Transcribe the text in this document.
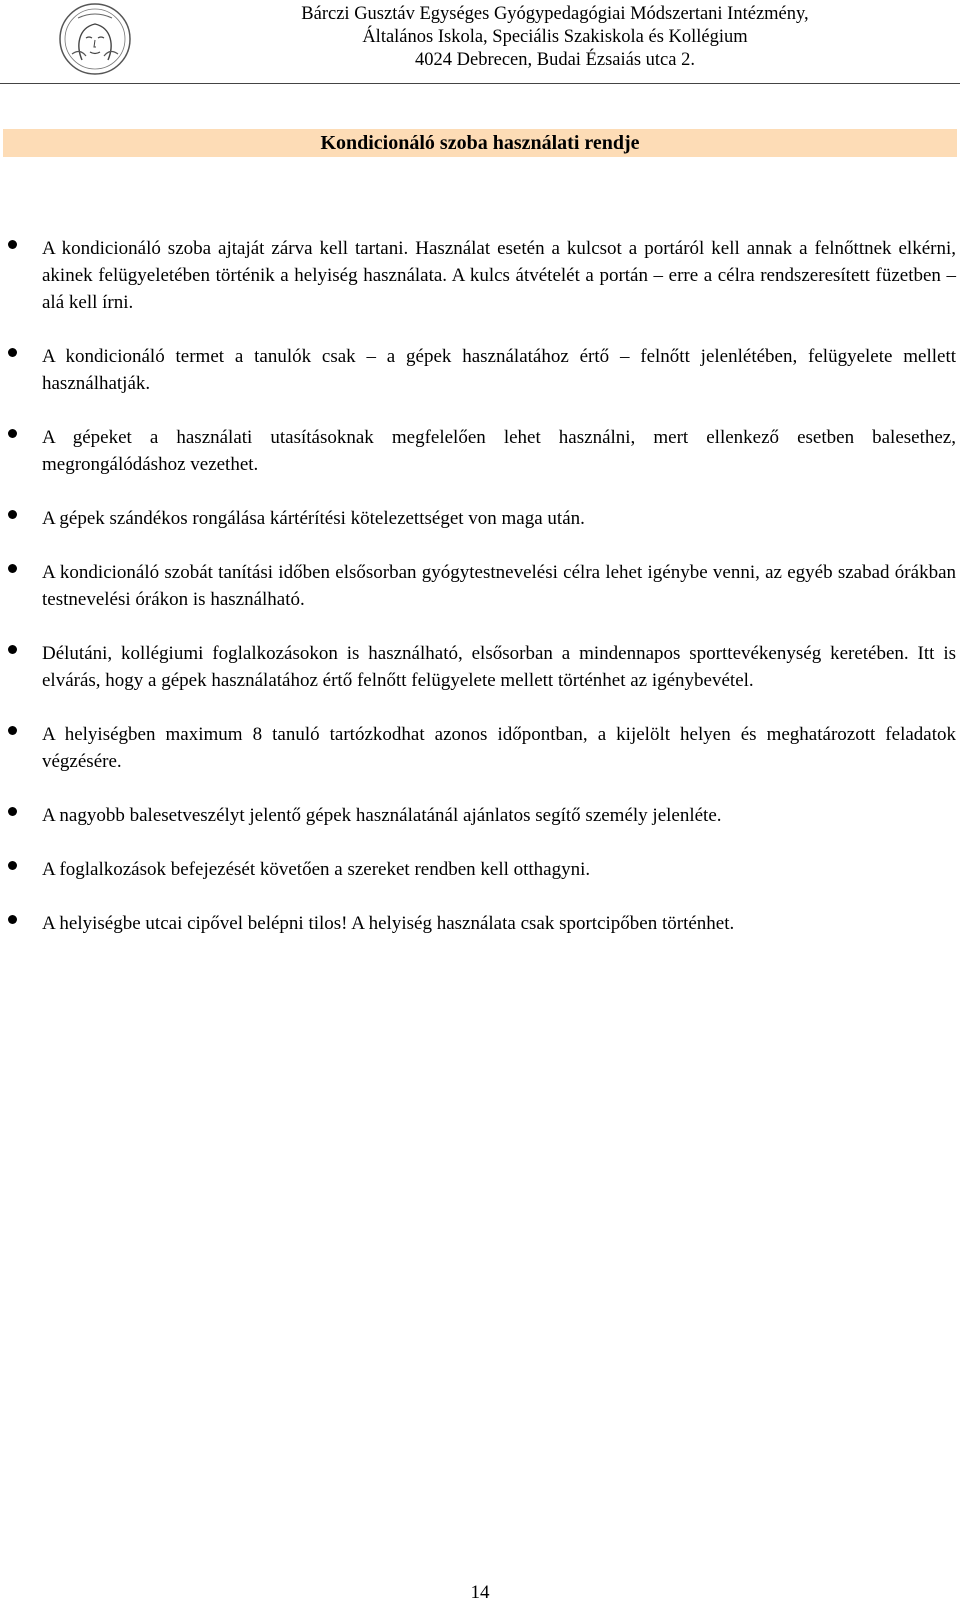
Bárczi Gusztáv Egységes Gyógypedagógiai Módszertani Intézmény,
Általános Iskola, Speciális Szakiskola és Kollégium
4024 Debrecen, Budai Ézsaiás utca 2.
Kondicionáló szoba használati rendje
A kondicionáló szoba ajtaját zárva kell tartani. Használat esetén a kulcsot a portáról kell annak a felnőttnek elkérni, akinek felügyeletében történik a helyiség használata. A kulcs átvételét a portán – erre a célra rendszeresített füzetben – alá kell írni.
A kondicionáló termet a tanulók csak – a gépek használatához értő – felnőtt jelenlétében, felügyelete mellett használhatják.
A gépeket a használati utasításoknak megfelelően lehet használni, mert ellenkező esetben balesethez, megrongálódáshoz vezethet.
A gépek szándékos rongálása kártérítési kötelezettséget von maga után.
A kondicionáló szobát tanítási időben elsősorban gyógytestnevelési célra lehet igénybe venni, az egyéb szabad órákban testnevelési órákon is használható.
Délutáni, kollégiumi foglalkozásokon is használható, elsősorban a mindennapos sporttevékenység keretében. Itt is elvárás, hogy a gépek használatához értő felnőtt felügyelete mellett történhet az igénybevétel.
A helyiségben maximum 8 tanuló tartózkodhat azonos időpontban, a kijelölt helyen és meghatározott feladatok végzésére.
A nagyobb balesetveszélyt jelentő gépek használatánál ajánlatos segítő személy jelenléte.
A foglalkozások befejezését követően a szereket rendben kell otthagyni.
A helyiségbe utcai cipővel belépni tilos! A helyiség használata csak sportcipőben történhet.
14
